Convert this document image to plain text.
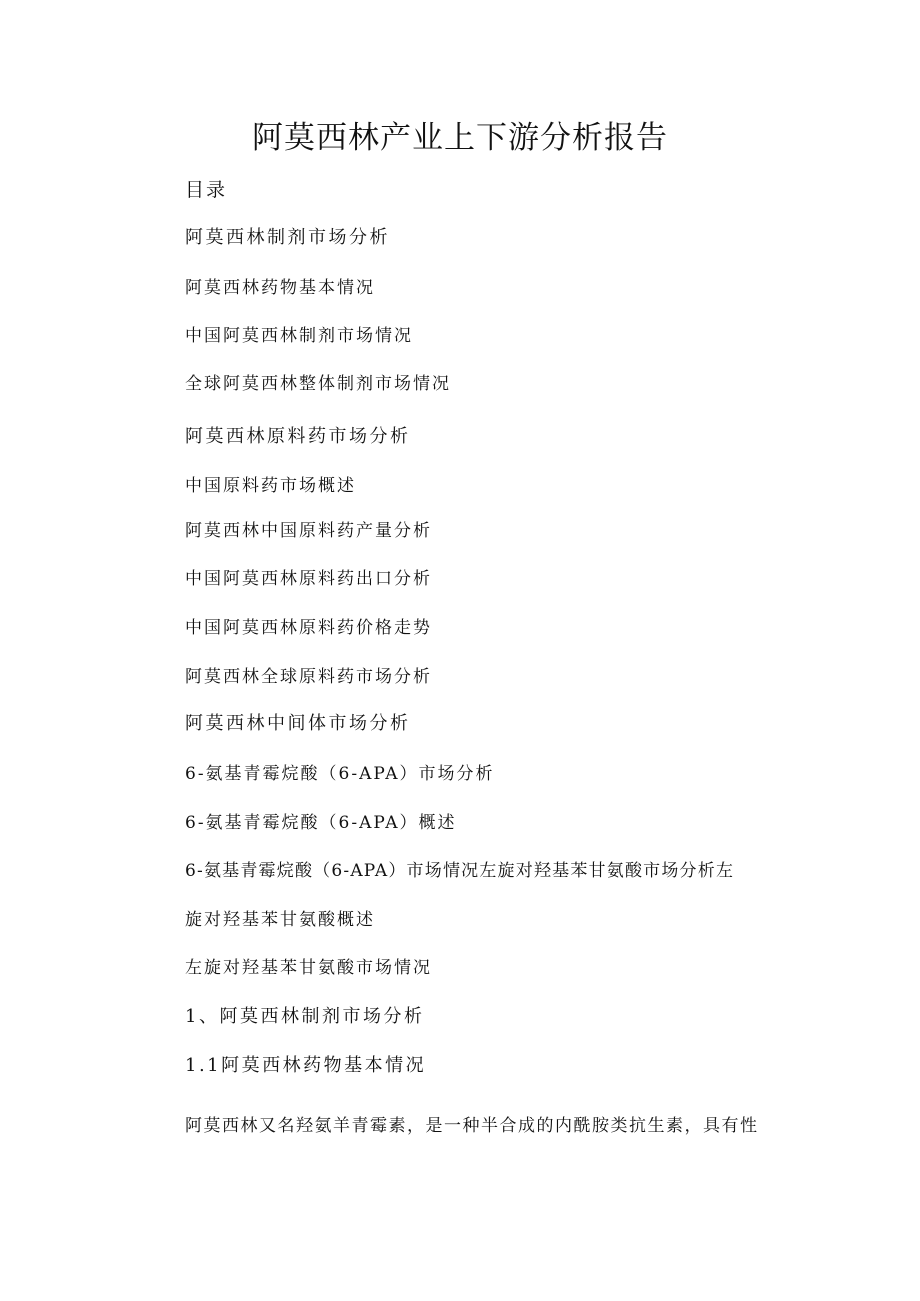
阿莫西林产业上下游分析报告
目录
阿莫西林制剂市场分析
阿莫西林药物基本情况
中国阿莫西林制剂市场情况
全球阿莫西林整体制剂市场情况
阿莫西林原料药市场分析
中国原料药市场概述
阿莫西林中国原料药产量分析
中国阿莫西林原料药出口分析
中国阿莫西林原料药价格走势
阿莫西林全球原料药市场分析
阿莫西林中间体市场分析
6-氨基青霉烷酸（6-APA）市场分析
6-氨基青霉烷酸（6-APA）概述
6-氨基青霉烷酸（6-APA）市场情况左旋对羟基苯甘氨酸市场分析左
旋对羟基苯甘氨酸概述
左旋对羟基苯甘氨酸市场情况
1、阿莫西林制剂市场分析
1.1阿莫西林药物基本情况
阿莫西林又名羟氨羊青霉素，是一种半合成的内酰胺类抗生素，具有性
